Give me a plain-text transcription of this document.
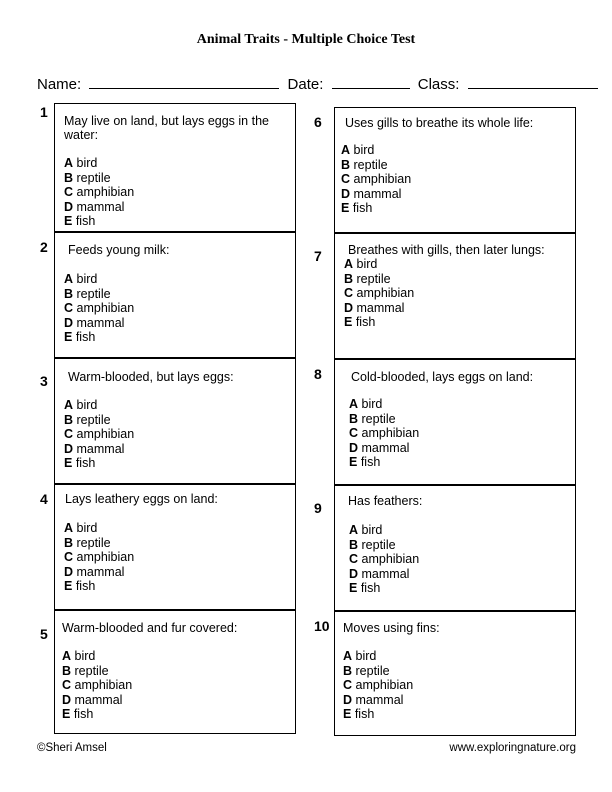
Animal Traits - Multiple Choice Test
Name:	Date:	Class:
1
May live on land, but lays eggs in the water:
A bird
B reptile
C amphibian
D mammal
E fish
2 Feeds young milk:
A bird
B reptile
C amphibian
D mammal
E fish
3 Warm-blooded, but lays eggs:
A bird
B reptile
C amphibian
D mammal
E fish
4 Lays leathery eggs on land:
A bird
B reptile
C amphibian
D mammal
E fish
5 Warm-blooded and fur covered:
A bird
B reptile
C amphibian
D mammal
E fish
6 Uses gills to breathe its whole life:
A bird
B reptile
C amphibian
D mammal
E fish
7 Breathes with gills, then later lungs:
A bird
B reptile
C amphibian
D mammal
E fish
8 Cold-blooded, lays eggs on land:
A bird
B reptile
C amphibian
D mammal
E fish
9 Has feathers:
A bird
B reptile
C amphibian
D mammal
E fish
10 Moves using fins:
A bird
B reptile
C amphibian
D mammal
E fish
©Sheri Amsel	www.exploringnature.org
